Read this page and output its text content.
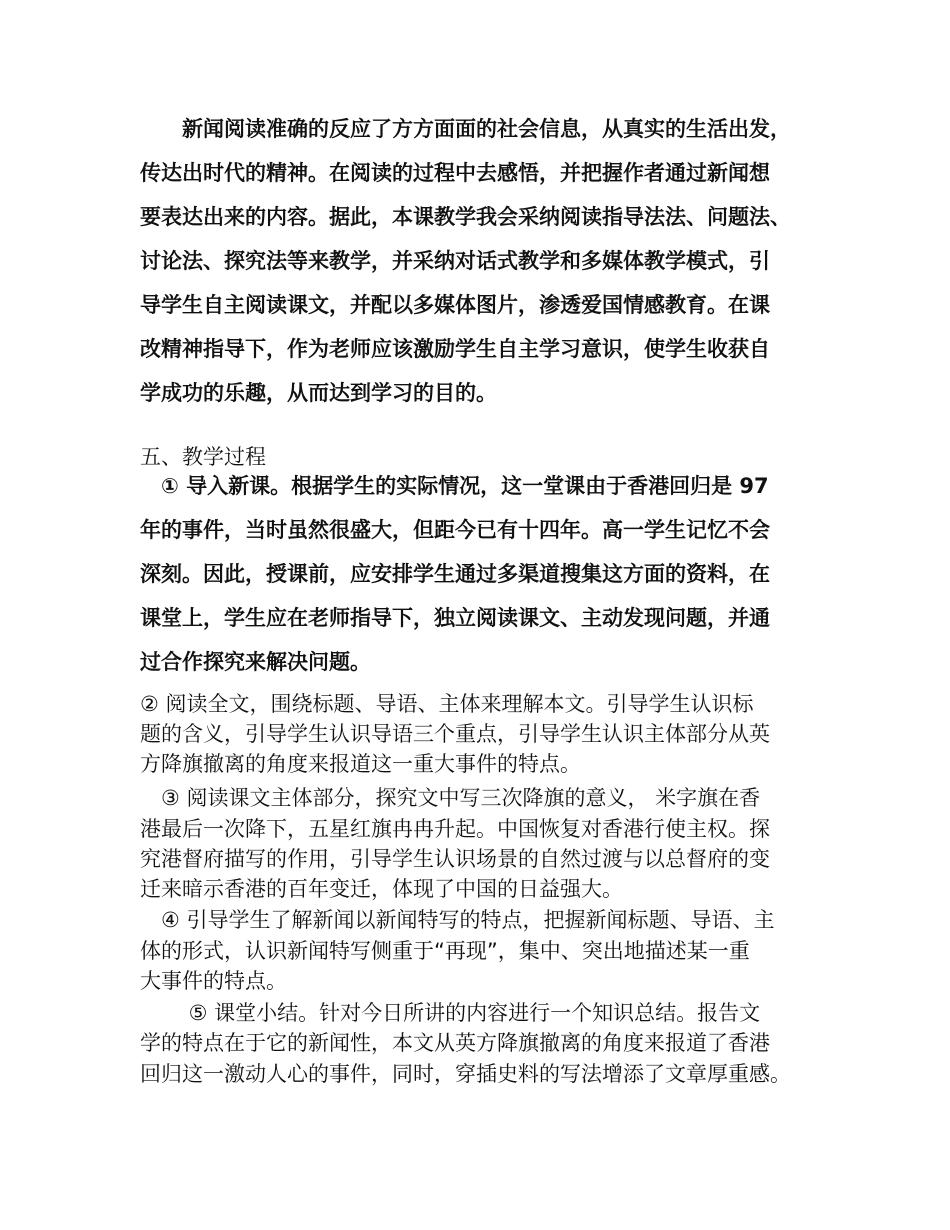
　　新闻阅读准确的反应了方方面面的社会信息，从真实的生活出发，
传达出时代的精神。在阅读的过程中去感悟，并把握作者通过新闻想
要表达出来的内容。据此，本课教学我会采纳阅读指导法法、问题法、
讨论法、探究法等来教学，并采纳对话式教学和多媒体教学模式，引
导学生自主阅读课文，并配以多媒体图片，渗透爱国情感教育。在课
改精神指导下，作为老师应该激励学生自主学习意识，使学生收获自
学成功的乐趣，从而达到学习的目的。
五、教学过程
　① 导入新课。根据学生的实际情况，这一堂课由于香港回归是 97
年的事件，当时虽然很盛大，但距今已有十四年。高一学生记忆不会
深刻。因此，授课前，应安排学生通过多渠道搜集这方面的资料，在
课堂上，学生应在老师指导下，独立阅读课文、主动发现问题，并通
过合作探究来解决问题。
② 阅读全文，围绕标题、导语、主体来理解本文。引导学生认识标
题的含义，引导学生认识导语三个重点，引导学生认识主体部分从英
方降旗撤离的角度来报道这一重大事件的特点。
　③ 阅读课文主体部分，探究文中写三次降旗的意义， 米字旗在香
港最后一次降下，五星红旗冉冉升起。中国恢复对香港行使主权。探
究港督府描写的作用，引导学生认识场景的自然过渡与以总督府的变
迁来暗示香港的百年变迁，体现了中国的日益强大。
　④ 引导学生了解新闻以新闻特写的特点，把握新闻标题、导语、主
体的形式，认识新闻特写侧重于“再现”，集中、突出地描述某一重
大事件的特点。
　　 ⑤ 课堂小结。针对今日所讲的内容进行一个知识总结。报告文
学的特点在于它的新闻性，本文从英方降旗撤离的角度来报道了香港
回归这一激动人心的事件，同时，穿插史料的写法增添了文章厚重感。
